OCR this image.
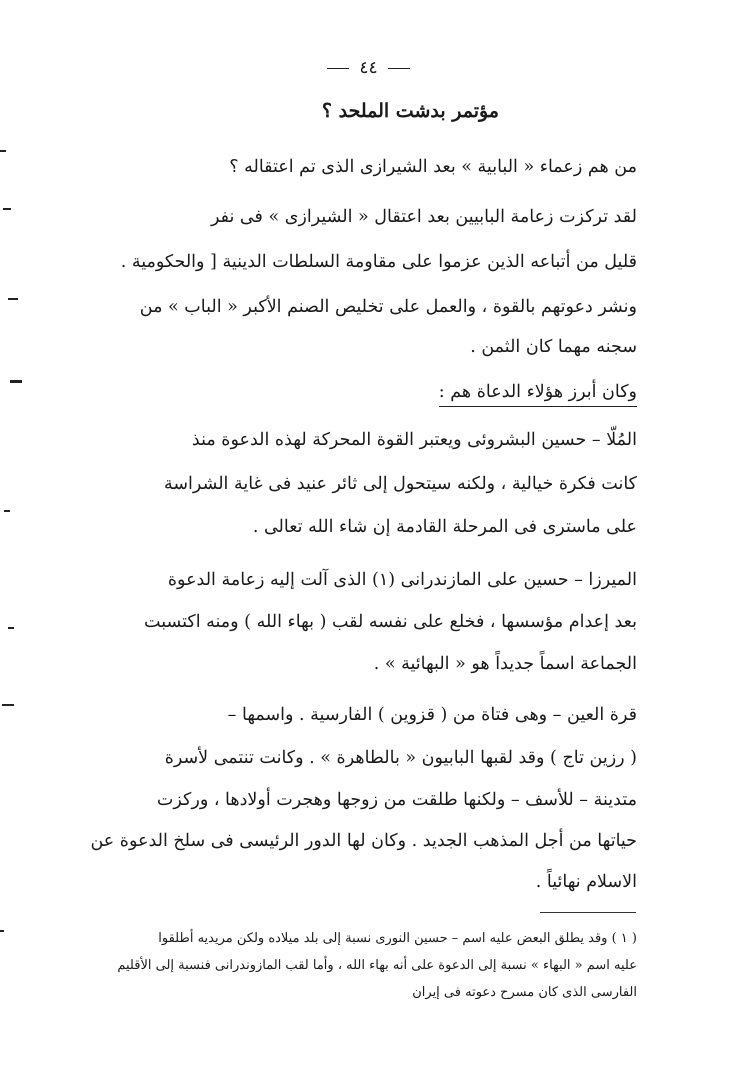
٤٤
مؤتمر بدشت الملحد ؟
من هم زعماء « البابية » بعد الشيرازى الذى تم اعتقاله ؟
لقد تركزت زعامة البابيين بعد اعتقال « الشيرازى » فى نفر
قليل من أتباعه الذين عزموا على مقاومة السلطات الدينية [ والحكومية .
ونشر دعوتهم بالقوة ، والعمل على تخليص الصنم الأكبر « الباب » من
سجنه مهما كان الثمن .
وكان أبرز هؤلاء الدعاة هم :
المُلّا – حسين البشروئى ويعتبر القوة المحركة لهذه الدعوة منذ
كانت فكرة خيالية ، ولكنه سيتحول إلى ثائر عنيد فى غاية الشراسة
على ماسترى فى المرحلة القادمة إن شاء الله تعالى .
الميرزا – حسين على المازندرانى (١) الذى آلت إليه زعامة الدعوة
بعد إعدام مؤسسها ، فخلع على نفسه لقب ( بهاء الله ) ومنه اكتسبت
الجماعة اسماً جديداً هو « البهائية » .
قرة العين – وهى فتاة من ( قزوين ) الفارسية . واسمها –
( رزين تاج ) وقد لقبها البابيون « بالطاهرة » . وكانت تنتمى لأسرة
متدينة – للأسف – ولكنها طلقت من زوجها وهجرت أولادها ، وركزت
حياتها من أجل المذهب الجديد . وكان لها الدور الرئيسى فى سلخ الدعوة عن
الاسلام نهائياً .
( ١ ) وقد يطلق البعض عليه اسم – حسين النورى نسبة إلى بلد ميلاده ولكن مريديه أطلقوا
عليه اسم « البهاء » نسبة إلى الدعوة على أنه بهاء الله ، وأما لقب المازوندرانى فنسبة إلى الأقليم
الفارسى الذى كان مسرح دعوته فى إيران
